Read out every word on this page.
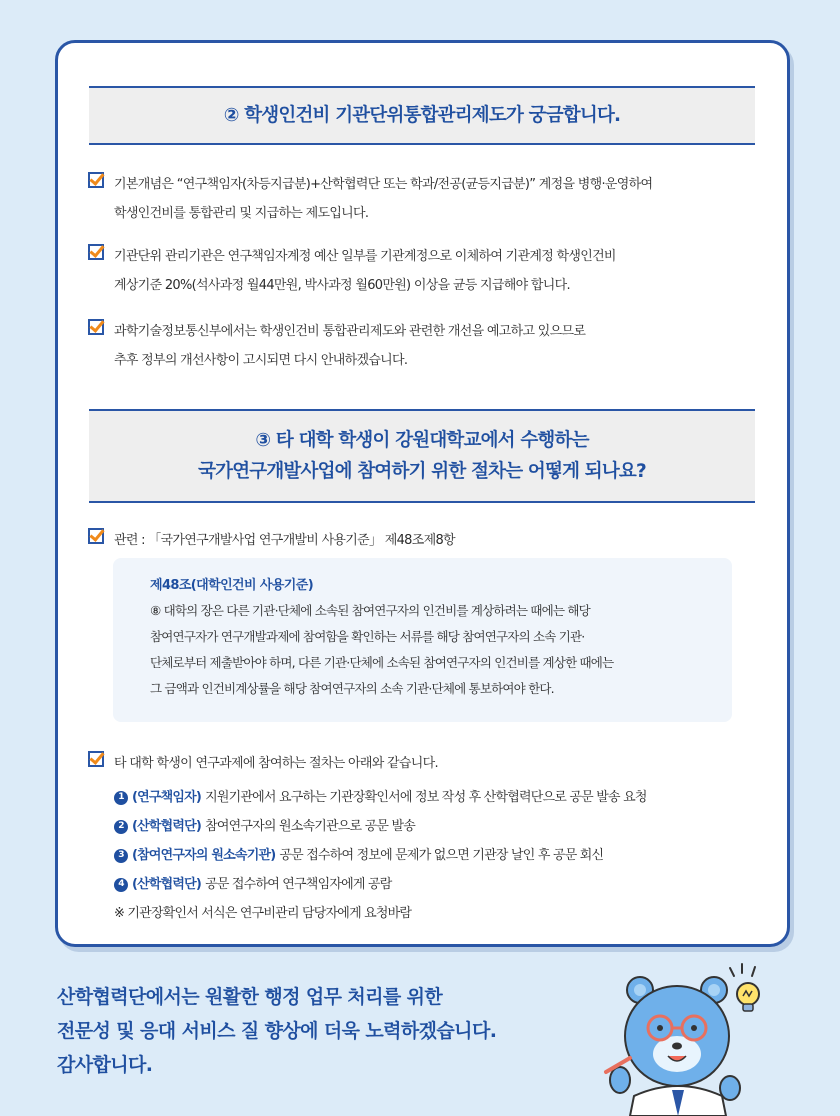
② 학생인건비 기관단위통합관리제도가 궁금합니다.
기본개념은 “연구책임자(차등지급분)+산학협력단 또는 학과/전공(균등지급분)” 계정을 병행·운영하여
학생인건비를 통합관리 및 지급하는 제도입니다.
기관단위 관리기관은 연구책임자계정 예산 일부를 기관계정으로 이체하여 기관계정 학생인건비
계상기준 20%(석사과정 월44만원, 박사과정 월60만원) 이상을 균등 지급해야 합니다.
과학기술정보통신부에서는 학생인건비 통합관리제도와 관련한 개선을 예고하고 있으므로
추후 정부의 개선사항이 고시되면 다시 안내하겠습니다.
③ 타 대학 학생이 강원대학교에서 수행하는
국가연구개발사업에 참여하기 위한 절차는 어떻게 되나요?
관련 : 「국가연구개발사업 연구개발비 사용기준」 제48조제8항
제48조(대학인건비 사용기준)
⑧ 대학의 장은 다른 기관·단체에 소속된 참여연구자의 인건비를 계상하려는 때에는 해당
참여연구자가 연구개발과제에 참여함을 확인하는 서류를 해당 참여연구자의 소속 기관·
단체로부터 제출받아야 하며, 다른 기관·단체에 소속된 참여연구자의 인건비를 계상한 때에는
그 금액과 인건비계상률을 해당 참여연구자의 소속 기관·단체에 통보하여야 한다.
타 대학 학생이 연구과제에 참여하는 절차는 아래와 같습니다.
1 (연구책임자) 지원기관에서 요구하는 기관장확인서에 정보 작성 후 산학협력단으로 공문 발송 요청
2 (산학협력단) 참여연구자의 원소속기관으로 공문 발송
3 (참여연구자의 원소속기관) 공문 접수하여 정보에 문제가 없으면 기관장 날인 후 공문 회신
4 (산학협력단) 공문 접수하여 연구책임자에게 공람
※ 기관장확인서 서식은 연구비관리 담당자에게 요청바람
산학협력단에서는 원활한 행정 업무 처리를 위한
전문성 및 응대 서비스 질 향상에 더욱 노력하겠습니다.
감사합니다.
